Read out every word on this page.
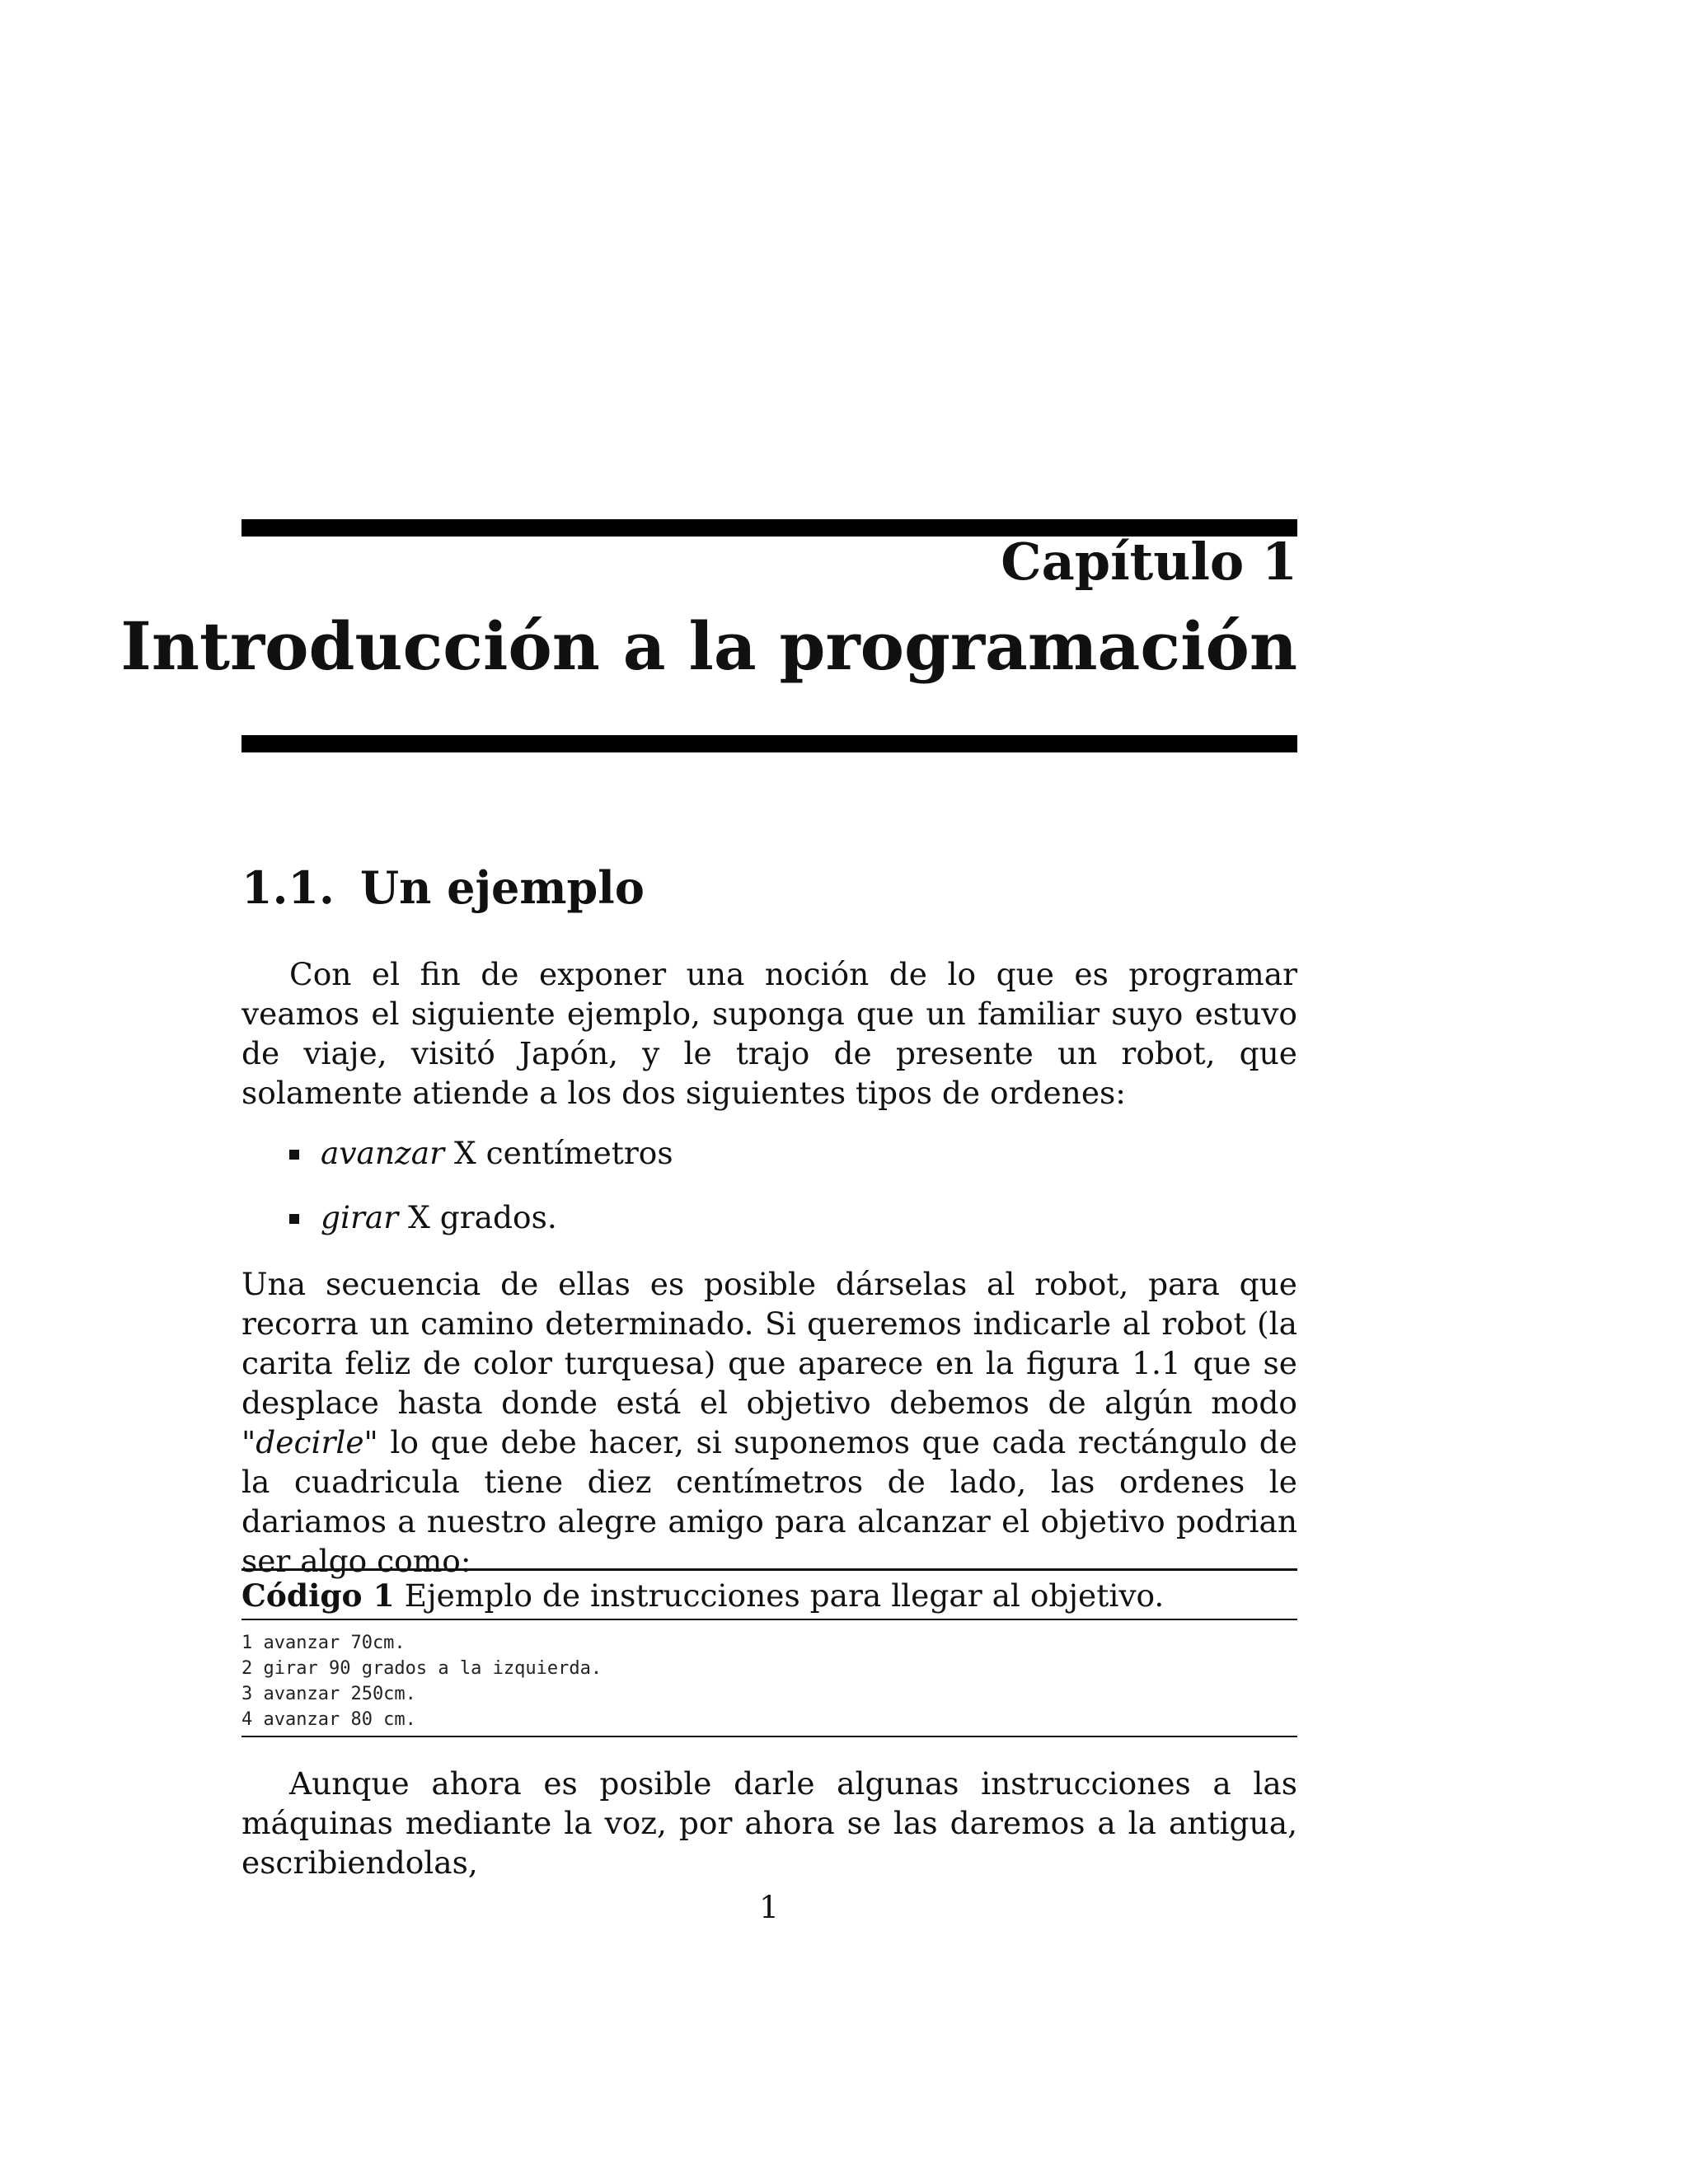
Capítulo 1
Introducción a la programación
1.1. Un ejemplo

Con el fin de exponer una noción de lo que es programar veamos el siguiente ejemplo, suponga que un familiar suyo estuvo de viaje, visitó Japón, y le trajo de presente un robot, que solamente atiende a los dos siguientes tipos de ordenes:

avanzar X centímetros
girar X grados.

Una secuencia de ellas es posible dárselas al robot, para que recorra un camino determinado. Si queremos indicarle al robot (la carita feliz de color turquesa) que aparece en la figura 1.1 que se desplace hasta donde está el objetivo debemos de algún modo "decirle" lo que debe hacer, si suponemos que cada rectángulo de la cuadricula tiene diez centímetros de lado, las ordenes le dariamos a nuestro alegre amigo para alcanzar el objetivo podrian ser algo como:

Código 1 Ejemplo de instrucciones para llegar al objetivo.
1 avanzar 70cm.
2 girar 90 grados a la izquierda.
3 avanzar 250cm.
4 avanzar 80 cm.

Aunque ahora es posible darle algunas instrucciones a las máquinas mediante la voz, por ahora se las daremos a la antigua, escribiendolas,

1
